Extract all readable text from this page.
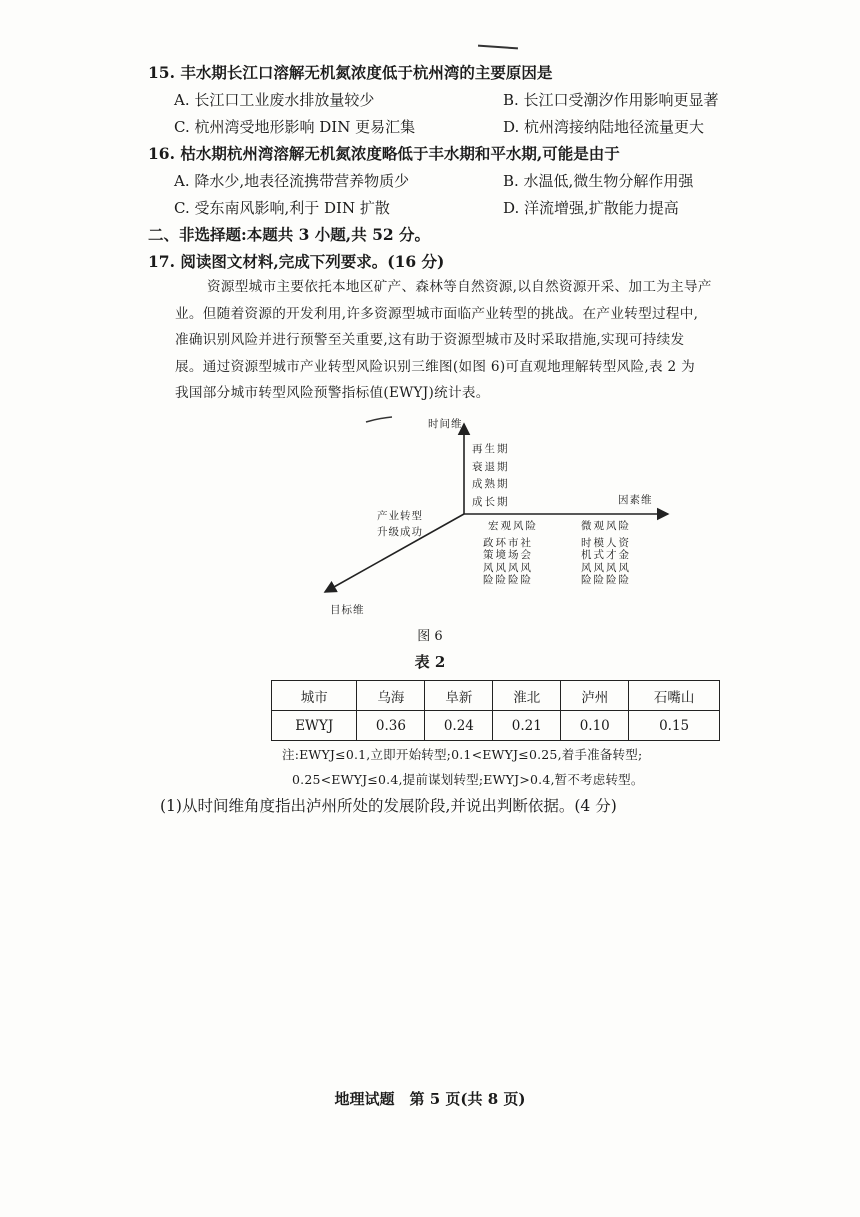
15. 丰水期长江口溶解无机氮浓度低于杭州湾的主要原因是
A. 长江口工业废水排放量较少	B. 长江口受潮汐作用影响更显著
C. 杭州湾受地形影响 DIN 更易汇集	D. 杭州湾接纳陆地径流量更大
16. 枯水期杭州湾溶解无机氮浓度略低于丰水期和平水期,可能是由于
A. 降水少,地表径流携带营养物质少	B. 水温低,微生物分解作用强
C. 受东南风影响,利于 DIN 扩散	D. 洋流增强,扩散能力提高
二、非选择题:本题共 3 小题,共 52 分。
17. 阅读图文材料,完成下列要求。(16 分)
资源型城市主要依托本地区矿产、森林等自然资源,以自然资源开采、加工为主导产
业。但随着资源的开发利用,许多资源型城市面临产业转型的挑战。在产业转型过程中,
准确识别风险并进行预警至关重要,这有助于资源型城市及时采取措施,实现可持续发
展。通过资源型城市产业转型风险识别三维图(如图 6)可直观地理解转型风险,表 2 为
我国部分城市转型风险预警指标值(EWYJ)统计表。
时间维
再生期
衰退期
成熟期
成长期	因素维
产业转型
升级成功
目标维
宏观风险
政环市社
策境场会
风风风风
险险险险
微观风险
时模人资
机式才金
风风风风
险险险险
图 6
表 2
城市	乌海	阜新	淮北	泸州	石嘴山
EWYJ	0.36	0.24	0.21	0.10	0.15
注:EWYJ≤0.1,立即开始转型;0.1<EWYJ≤0.25,着手准备转型;
0.25<EWYJ≤0.4,提前谋划转型;EWYJ>0.4,暂不考虑转型。
(1)从时间维角度指出泸州所处的发展阶段,并说出判断依据。(4 分)
地理试题　第 5 页(共 8 页)
